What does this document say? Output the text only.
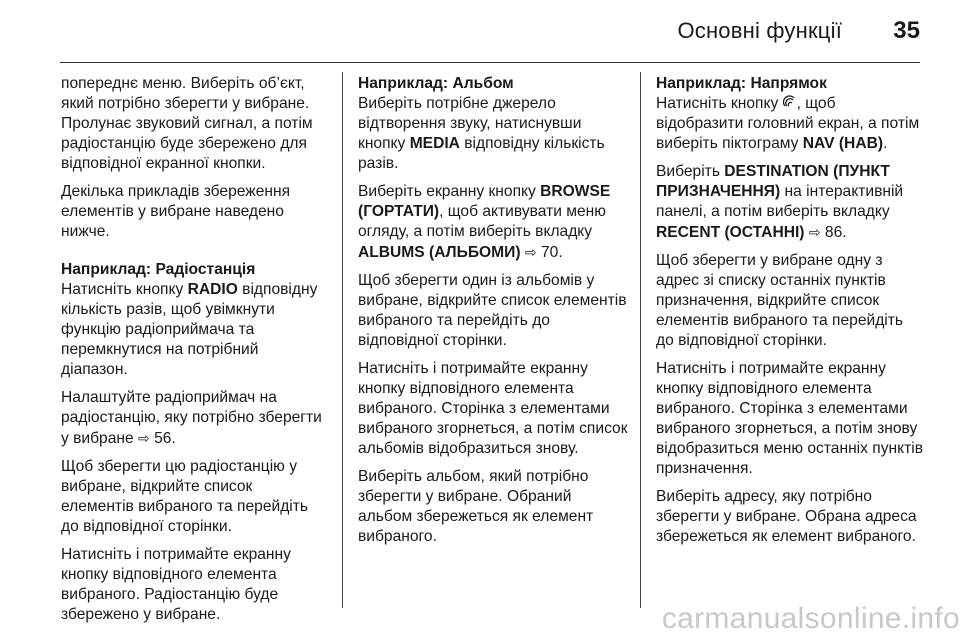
Основні функції 35

попереднє меню. Виберіть об’єкт, який потрібно зберегти у вибране. Пролунає звуковий сигнал, а потім радіостанцію буде збережено для відповідної екранної кнопки.

Декілька прикладів збереження елементів у вибране наведено нижче.

Наприклад: Радіостанція
Натисніть кнопку RADIO відповідну кількість разів, щоб увімкнути функцію радіоприймача та перемкнутися на потрібний діапазон.

Налаштуйте радіоприймач на радіостанцію, яку потрібно зберегти у вибране ⇨ 56.

Щоб зберегти цю радіостанцію у вибране, відкрийте список елементів вибраного та перейдіть до відповідної сторінки.

Натисніть і потримайте екранну кнопку відповідного елемента вибраного. Радіостанцію буде збережено у вибране.

Наприклад: Альбом
Виберіть потрібне джерело відтворення звуку, натиснувши кнопку MEDIA відповідну кількість разів.

Виберіть екранну кнопку BROWSE (ГОРТАТИ), щоб активувати меню огляду, а потім виберіть вкладку ALBUMS (АЛЬБОМИ) ⇨ 70.

Щоб зберегти один із альбомів у вибране, відкрийте список елементів вибраного та перейдіть до відповідної сторінки.

Натисніть і потримайте екранну кнопку відповідного елемента вибраного. Сторінка з елементами вибраного згорнеться, а потім список альбомів відобразиться знову.

Виберіть альбом, який потрібно зберегти у вибране. Обраний альбом збережеться як елемент вибраного.

Наприклад: Напрямок
Натисніть кнопку , щоб відобразити головний екран, а потім виберіть піктограму NAV (НАВ).

Виберіть DESTINATION (ПУНКТ ПРИЗНАЧЕННЯ) на інтерактивній панелі, а потім виберіть вкладку RECENT (ОСТАННІ) ⇨ 86.

Щоб зберегти у вибране одну з адрес зі списку останніх пунктів призначення, відкрийте список елементів вибраного та перейдіть до відповідної сторінки.

Натисніть і потримайте екранну кнопку відповідного елемента вибраного. Сторінка з елементами вибраного згорнеться, а потім знову відобразиться меню останніх пунктів призначення.

Виберіть адресу, яку потрібно зберегти у вибране. Обрана адреса збережеться як елемент вибраного.

carmanualsonline.info
